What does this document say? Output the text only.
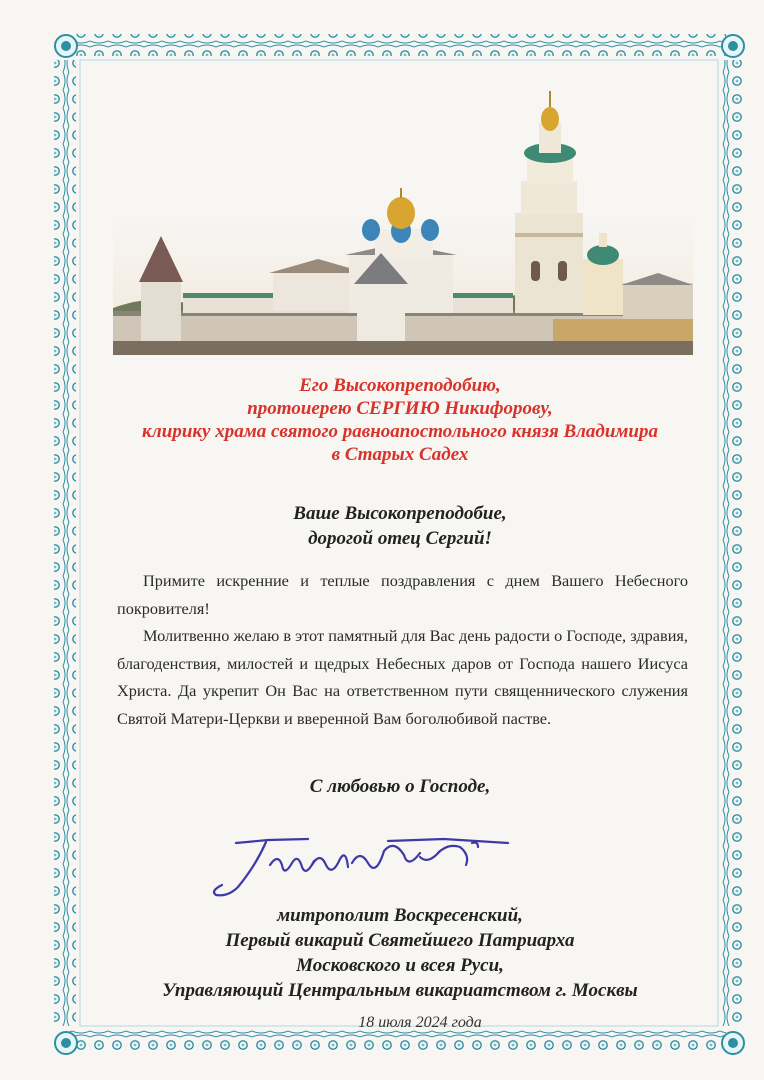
Его Высокопреподобию,
протоиерею СЕРГИЮ Никифорову,
клирику храма святого равноапостольного князя Владимира
в Старых Садех
Ваше Высокопреподобие,
дорогой отец Сергий!

Примите искренние и теплые поздравления с днем Вашего Небесного покровителя!

Молитвенно желаю в этот памятный для Вас день радости о Господе, здравия, благоденствия, милостей и щедрых Небесных даров от Господа нашего Иисуса Христа. Да укрепит Он Вас на ответственном пути священнического служения Святой Матери-Церкви и вверенной Вам боголюбивой пастве.

С любовью о Господе,
митрополит Воскресенский,
Первый викарий Святейшего Патриарха
Московского и всея Руси,
Управляющий Центральным викариатством г. Москвы
18 июля 2024 года
